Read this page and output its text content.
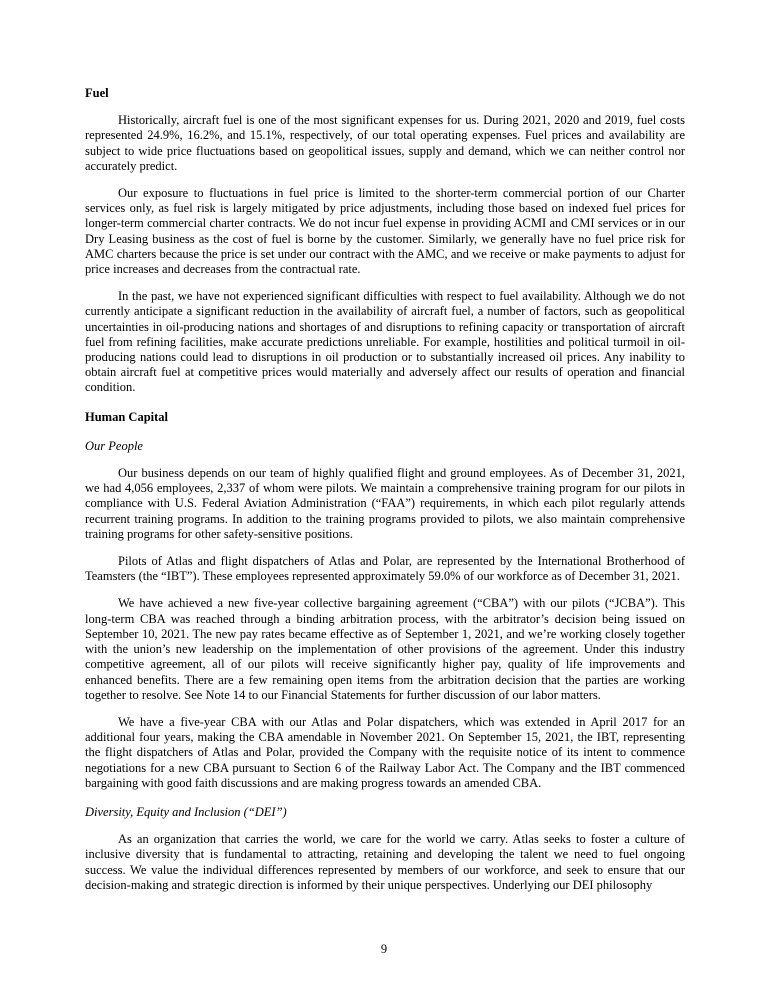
Fuel

Historically, aircraft fuel is one of the most significant expenses for us. During 2021, 2020 and 2019, fuel costs represented 24.9%, 16.2%, and 15.1%, respectively, of our total operating expenses. Fuel prices and availability are subject to wide price fluctuations based on geopolitical issues, supply and demand, which we can neither control nor accurately predict.

Our exposure to fluctuations in fuel price is limited to the shorter-term commercial portion of our Charter services only, as fuel risk is largely mitigated by price adjustments, including those based on indexed fuel prices for longer-term commercial charter contracts. We do not incur fuel expense in providing ACMI and CMI services or in our Dry Leasing business as the cost of fuel is borne by the customer. Similarly, we generally have no fuel price risk for AMC charters because the price is set under our contract with the AMC, and we receive or make payments to adjust for price increases and decreases from the contractual rate.

In the past, we have not experienced significant difficulties with respect to fuel availability. Although we do not currently anticipate a significant reduction in the availability of aircraft fuel, a number of factors, such as geopolitical uncertainties in oil-producing nations and shortages of and disruptions to refining capacity or transportation of aircraft fuel from refining facilities, make accurate predictions unreliable. For example, hostilities and political turmoil in oil-producing nations could lead to disruptions in oil production or to substantially increased oil prices. Any inability to obtain aircraft fuel at competitive prices would materially and adversely affect our results of operation and financial condition.

Human Capital
Our People

Our business depends on our team of highly qualified flight and ground employees. As of December 31, 2021, we had 4,056 employees, 2,337 of whom were pilots. We maintain a comprehensive training program for our pilots in compliance with U.S. Federal Aviation Administration (“FAA”) requirements, in which each pilot regularly attends recurrent training programs. In addition to the training programs provided to pilots, we also maintain comprehensive training programs for other safety-sensitive positions.

Pilots of Atlas and flight dispatchers of Atlas and Polar, are represented by the International Brotherhood of Teamsters (the “IBT”). These employees represented approximately 59.0% of our workforce as of December 31, 2021.

We have achieved a new five-year collective bargaining agreement (“CBA”) with our pilots (“JCBA”). This long-term CBA was reached through a binding arbitration process, with the arbitrator’s decision being issued on September 10, 2021. The new pay rates became effective as of September 1, 2021, and we’re working closely together with the union’s new leadership on the implementation of other provisions of the agreement. Under this industry competitive agreement, all of our pilots will receive significantly higher pay, quality of life improvements and enhanced benefits. There are a few remaining open items from the arbitration decision that the parties are working together to resolve. See Note 14 to our Financial Statements for further discussion of our labor matters.

We have a five-year CBA with our Atlas and Polar dispatchers, which was extended in April 2017 for an additional four years, making the CBA amendable in November 2021. On September 15, 2021, the IBT, representing the flight dispatchers of Atlas and Polar, provided the Company with the requisite notice of its intent to commence negotiations for a new CBA pursuant to Section 6 of the Railway Labor Act. The Company and the IBT commenced bargaining with good faith discussions and are making progress towards an amended CBA.

Diversity, Equity and Inclusion (“DEI”)

As an organization that carries the world, we care for the world we carry. Atlas seeks to foster a culture of inclusive diversity that is fundamental to attracting, retaining and developing the talent we need to fuel ongoing success. We value the individual differences represented by members of our workforce, and seek to ensure that our decision-making and strategic direction is informed by their unique perspectives. Underlying our DEI philosophy

9
